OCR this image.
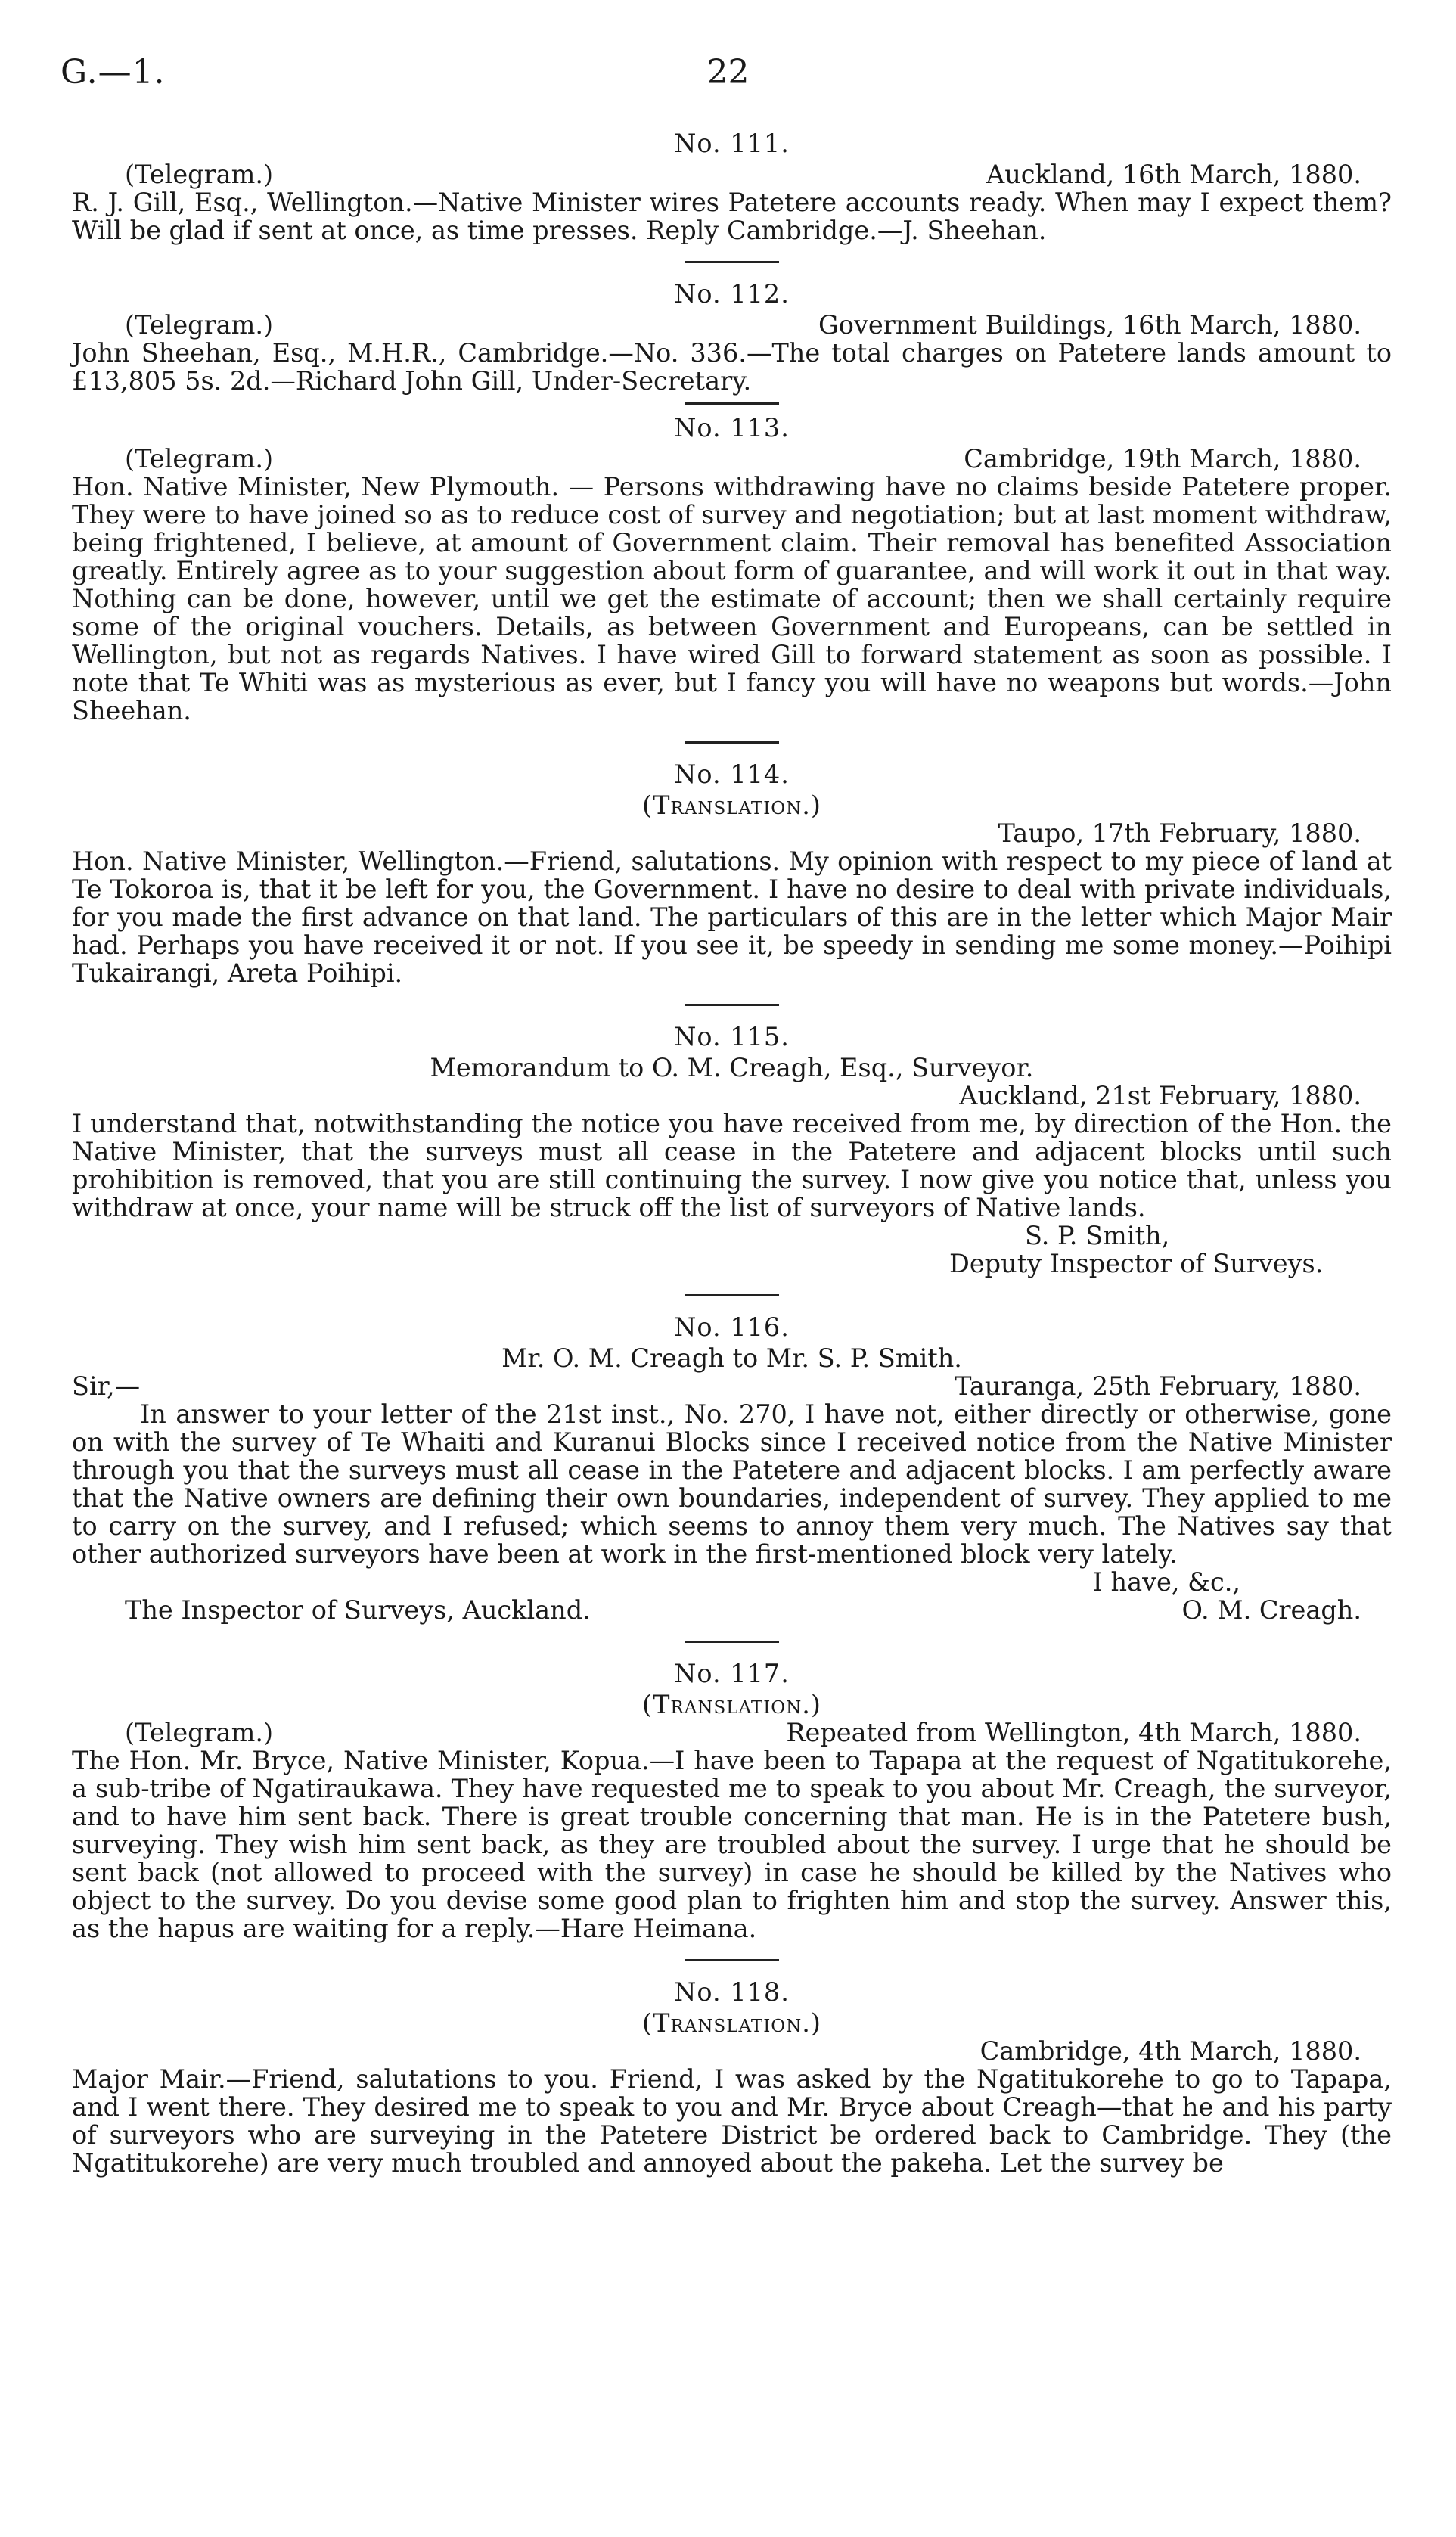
G.—1.	22
No. 111.
(Telegram.)	Auckland, 16th March, 1880.

R. J. Gill, Esq., Wellington.—Native Minister wires Patetere accounts ready. When may I expect them? Will be glad if sent at once, as time presses. Reply Cambridge.—J. Sheehan.

No. 112.
(Telegram.)	Government Buildings, 16th March, 1880.

John Sheehan, Esq., M.H.R., Cambridge.—No. 336.—The total charges on Patetere lands amount to £13,805 5s. 2d.—Richard John Gill, Under-Secretary.

No. 113.
(Telegram.)	Cambridge, 19th March, 1880.

Hon. Native Minister, New Plymouth. — Persons withdrawing have no claims beside Patetere proper. They were to have joined so as to reduce cost of survey and negotiation; but at last moment withdraw, being frightened, I believe, at amount of Government claim. Their removal has benefited Association greatly. Entirely agree as to your suggestion about form of guarantee, and will work it out in that way. Nothing can be done, however, until we get the estimate of account; then we shall certainly require some of the original vouchers. Details, as between Government and Europeans, can be settled in Wellington, but not as regards Natives. I have wired Gill to forward statement as soon as possible. I note that Te Whiti was as mysterious as ever, but I fancy you will have no weapons but words.—John Sheehan.

No. 114.
(Translation.)
Taupo, 17th February, 1880.

Hon. Native Minister, Wellington.—Friend, salutations. My opinion with respect to my piece of land at Te Tokoroa is, that it be left for you, the Government. I have no desire to deal with private individuals, for you made the first advance on that land. The particulars of this are in the letter which Major Mair had. Perhaps you have received it or not. If you see it, be speedy in sending me some money.—Poihipi Tukairangi, Areta Poihipi.

No. 115.
Memorandum to O. M. Creagh, Esq., Surveyor.
Auckland, 21st February, 1880.

I understand that, notwithstanding the notice you have received from me, by direction of the Hon. the Native Minister, that the surveys must all cease in the Patetere and adjacent blocks until such prohibition is removed, that you are still continuing the survey. I now give you notice that, unless you withdraw at once, your name will be struck off the list of surveyors of Native lands.

S. P. Smith,
Deputy Inspector of Surveys.
No. 116.
Mr. O. M. Creagh to Mr. S. P. Smith.
Sir,—	Tauranga, 25th February, 1880.

In answer to your letter of the 21st inst., No. 270, I have not, either directly or otherwise, gone on with the survey of Te Whaiti and Kuranui Blocks since I received notice from the Native Minister through you that the surveys must all cease in the Patetere and adjacent blocks. I am perfectly aware that the Native owners are defining their own boundaries, independent of survey. They applied to me to carry on the survey, and I refused; which seems to annoy them very much. The Natives say that other authorized surveyors have been at work in the first-mentioned block very lately.

I have, &c.,
The Inspector of Surveys, Auckland.	O. M. Creagh.
No. 117.
(Translation.)
(Telegram.)	Repeated from Wellington, 4th March, 1880.

The Hon. Mr. Bryce, Native Minister, Kopua.—I have been to Tapapa at the request of Ngatitukorehe, a sub-tribe of Ngatiraukawa. They have requested me to speak to you about Mr. Creagh, the surveyor, and to have him sent back. There is great trouble concerning that man. He is in the Patetere bush, surveying. They wish him sent back, as they are troubled about the survey. I urge that he should be sent back (not allowed to proceed with the survey) in case he should be killed by the Natives who object to the survey. Do you devise some good plan to frighten him and stop the survey. Answer this, as the hapus are waiting for a reply.—Hare Heimana.

No. 118.
(Translation.)
Cambridge, 4th March, 1880.

Major Mair.—Friend, salutations to you. Friend, I was asked by the Ngatitukorehe to go to Tapapa, and I went there. They desired me to speak to you and Mr. Bryce about Creagh—that he and his party of surveyors who are surveying in the Patetere District be ordered back to Cambridge. They (the Ngatitukorehe) are very much troubled and annoyed about the pakeha. Let the survey be
